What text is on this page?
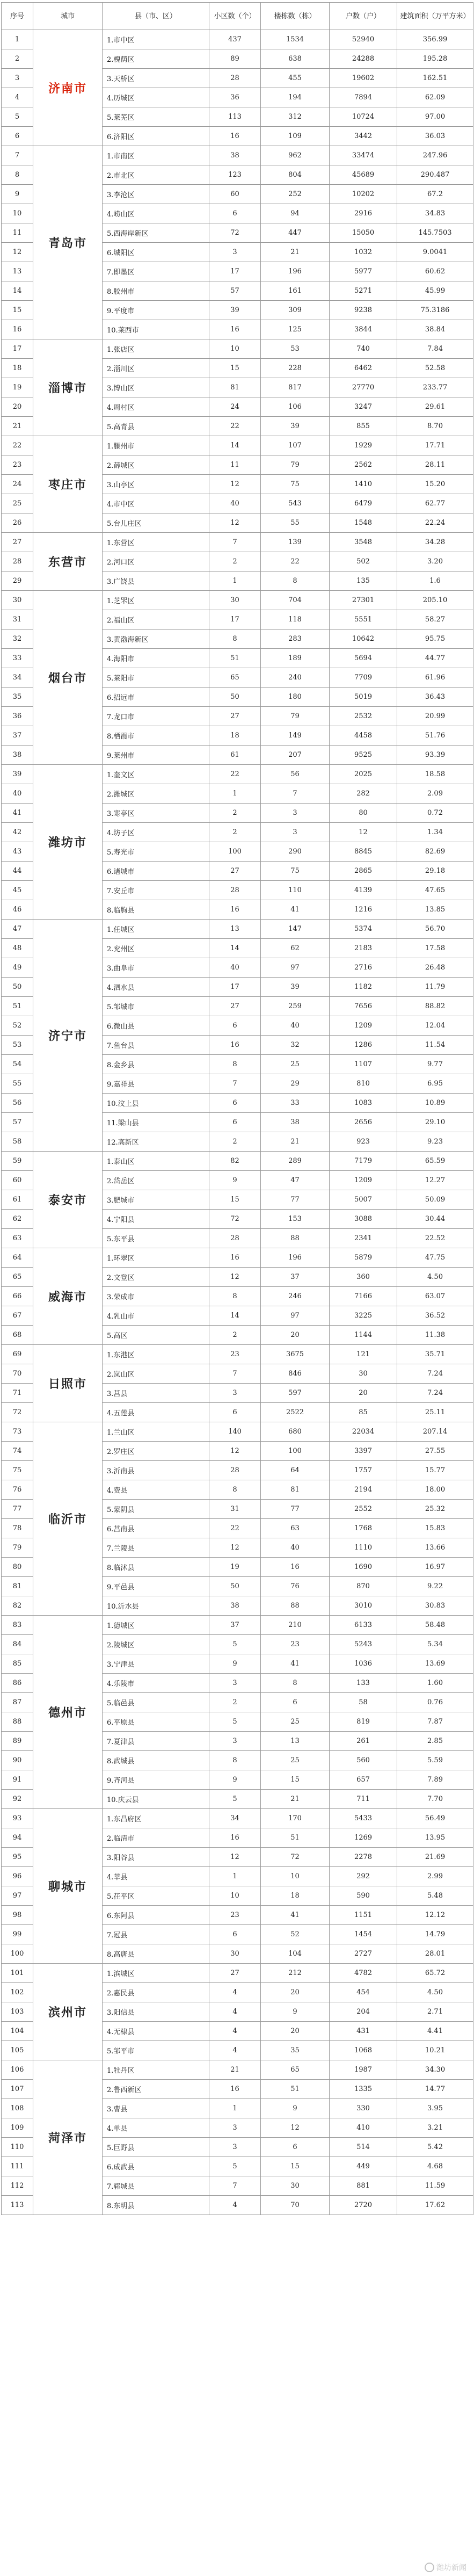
序号	城市	县（市、区）	小区数（个）	楼栋数（栋）	户数（户）	建筑面积（万平方米）
1	济南市	1.市中区	437	1534	52940	356.99
2		2.槐荫区	89	638	24288	195.28
3		3.天桥区	28	455	19602	162.51
4		4.历城区	36	194	7894	62.09
5		5.莱芜区	113	312	10724	97.00
6		6.济阳区	16	109	3442	36.03
7	青岛市	1.市南区	38	962	33474	247.96
8		2.市北区	123	804	45689	290.487
9		3.李沧区	60	252	10202	67.2
10		4.崂山区	6	94	2916	34.83
11		5.西海岸新区	72	447	15050	145.7503
12		6.城阳区	3	21	1032	9.0041
13		7.即墨区	17	196	5977	60.62
14		8.胶州市	57	161	5271	45.99
15		9.平度市	39	309	9238	75.3186
16		10.莱西市	16	125	3844	38.84
17	淄博市	1.张店区	10	53	740	7.84
18		2.淄川区	15	228	6462	52.58
19		3.博山区	81	817	27770	233.77
20		4.周村区	24	106	3247	29.61
21		5.高青县	22	39	855	8.70
22	枣庄市	1.滕州市	14	107	1929	17.71
23		2.薛城区	11	79	2562	28.11
24		3.山亭区	12	75	1410	15.20
25		4.市中区	40	543	6479	62.77
26		5.台儿庄区	12	55	1548	22.24
27	东营市	1.东营区	7	139	3548	34.28
28		2.河口区	2	22	502	3.20
29		3.广饶县	1	8	135	1.6
30	烟台市	1.芝罘区	30	704	27301	205.10
31		2.福山区	17	118	5551	58.27
32		3.黄渤海新区	8	283	10642	95.75
33		4.海阳市	51	189	5694	44.77
34		5.莱阳市	65	240	7709	61.96
35		6.招远市	50	180	5019	36.43
36		7.龙口市	27	79	2532	20.99
37		8.栖霞市	18	149	4458	51.76
38		9.莱州市	61	207	9525	93.39
39	潍坊市	1.奎文区	22	56	2025	18.58
40		2.潍城区	1	7	282	2.09
41		3.寒亭区	2	3	80	0.72
42		4.坊子区	2	3	12	1.34
43		5.寿光市	100	290	8845	82.69
44		6.诸城市	27	75	2865	29.18
45		7.安丘市	28	110	4139	47.65
46		8.临朐县	16	41	1216	13.85
47	济宁市	1.任城区	13	147	5374	56.70
48		2.兖州区	14	62	2183	17.58
49		3.曲阜市	40	97	2716	26.48
50		4.泗水县	17	39	1182	11.79
51		5.邹城市	27	259	7656	88.82
52		6.微山县	6	40	1209	12.04
53		7.鱼台县	16	32	1286	11.54
54		8.金乡县	8	25	1107	9.77
55		9.嘉祥县	7	29	810	6.95
56		10.汶上县	6	33	1083	10.89
57		11.梁山县	6	38	2656	29.10
58		12.高新区	2	21	923	9.23
59	泰安市	1.泰山区	82	289	7179	65.59
60		2.岱岳区	9	47	1209	12.27
61		3.肥城市	15	77	5007	50.09
62		4.宁阳县	72	153	3088	30.44
63		5.东平县	28	88	2341	22.52
64	威海市	1.环翠区	16	196	5879	47.75
65		2.文登区	12	37	360	4.50
66		3.荣成市	8	246	7166	63.07
67		4.乳山市	14	97	3225	36.52
68		5.高区	2	20	1144	11.38
69	日照市	1.东港区	23	3675	121	35.71
70		2.岚山区	7	846	30	7.24
71		3.莒县	3	597	20	7.24
72		4.五莲县	6	2522	85	25.11
73	临沂市	1.兰山区	140	680	22034	207.14
74		2.罗庄区	12	100	3397	27.55
75		3.沂南县	28	64	1757	15.77
76		4.费县	8	81	2194	18.00
77		5.蒙阴县	31	77	2552	25.32
78		6.莒南县	22	63	1768	15.83
79		7.兰陵县	12	40	1110	13.66
80		8.临沭县	19	16	1690	16.97
81		9.平邑县	50	76	870	9.22
82		10.沂水县	38	88	3010	30.83
83	德州市	1.德城区	37	210	6133	58.48
84		2.陵城区	5	23	5243	5.34
85		3.宁津县	9	41	1036	13.69
86		4.乐陵市	3	8	133	1.60
87		5.临邑县	2	6	58	0.76
88		6.平原县	5	25	819	7.87
89		7.夏津县	3	13	261	2.85
90		8.武城县	8	25	560	5.59
91		9.齐河县	9	15	657	7.89
92		10.庆云县	5	21	711	7.70
93	聊城市	1.东昌府区	34	170	5433	56.49
94		2.临清市	16	51	1269	13.95
95		3.阳谷县	12	72	2278	21.69
96		4.莘县	1	10	292	2.99
97		5.茌平区	10	18	590	5.48
98		6.东阿县	23	41	1151	12.12
99		7.冠县	6	52	1454	14.79
100		8.高唐县	30	104	2727	28.01
101	滨州市	1.滨城区	27	212	4782	65.72
102		2.惠民县	4	20	454	4.50
103		3.阳信县	4	9	204	2.71
104		4.无棣县	4	20	431	4.41
105		5.邹平市	4	35	1068	10.21
106	菏泽市	1.牡丹区	21	65	1987	34.30
107		2.鲁西新区	16	51	1335	14.77
108		3.曹县	1	9	330	3.95
109		4.单县	3	12	410	3.21
110		5.巨野县	3	6	514	5.42
111		6.成武县	5	15	449	4.68
112		7.郓城县	7	30	881	11.59
113		8.东明县	4	70	2720	17.62
潍坊新闻
